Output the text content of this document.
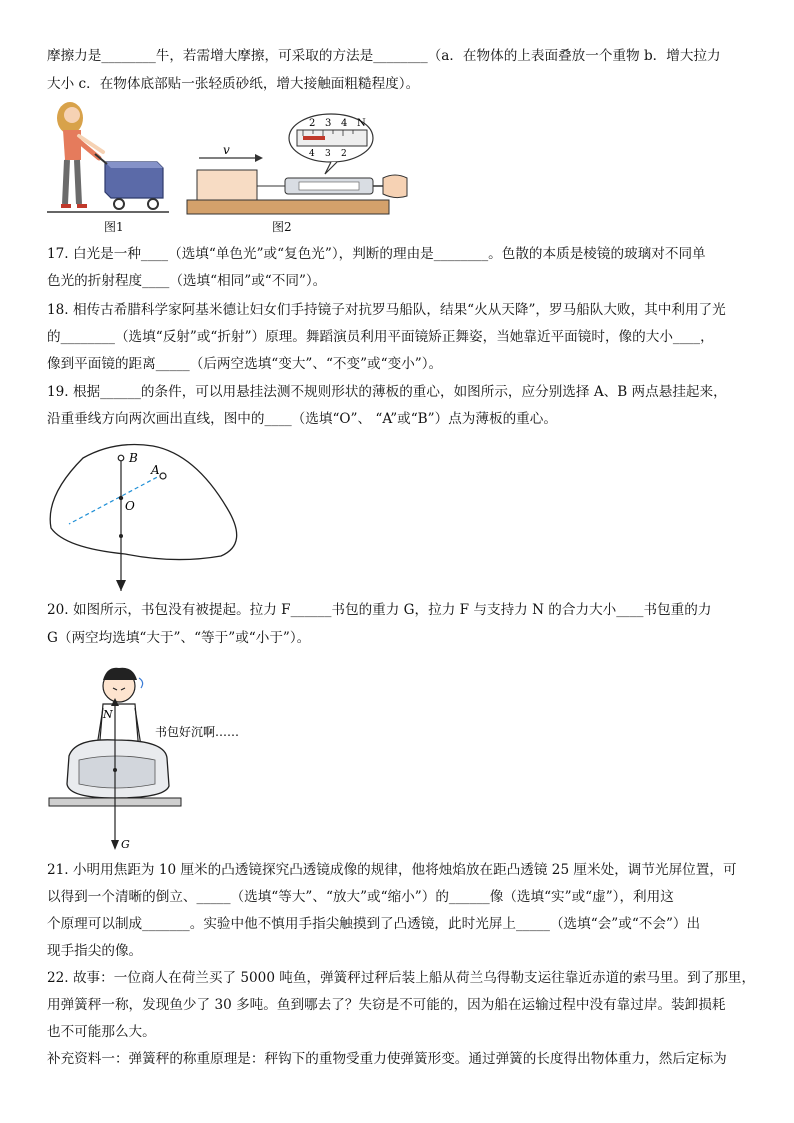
摩擦力是________牛，若需增大摩擦，可采取的方法是________（a．在物体的上表面叠放一个重物 b．增大拉力
大小 c．在物体底部贴一张轻质砂纸，增大接触面粗糙程度）。
图1
2 3 4 N
4 3 2
v
图2
17. 白光是一种____（选填“单色光”或“复色光”），判断的理由是________。色散的本质是棱镜的玻璃对不同单
色光的折射程度____（选填“相同”或“不同”）。
18. 相传古希腊科学家阿基米德让妇女们手持镜子对抗罗马船队，结果“火从天降”，罗马船队大败，其中利用了光
的________（选填“反射”或“折射”）原理。舞蹈演员利用平面镜矫正舞姿，当她靠近平面镜时，像的大小____，
像到平面镜的距离_____（后两空选填“变大”、“不变”或“变小”）。
19. 根据______的条件，可以用悬挂法测不规则形状的薄板的重心，如图所示，应分别选择 A、B 两点悬挂起来，
沿重垂线方向两次画出直线，图中的____（选填“O”、 “A”或“B”）点为薄板的重心。
B
A
O
20. 如图所示，书包没有被提起。拉力 F______书包的重力 G，拉力 F 与支持力 N 的合力大小____书包重的力
G（两空均选填“大于”、“等于”或“小于”）。
N
G
书包好沉啊……
21. 小明用焦距为 10 厘米的凸透镜探究凸透镜成像的规律，他将烛焰放在距凸透镜 25 厘米处，调节光屏位置，可
以得到一个清晰的倒立、_____（选填“等大”、“放大”或“缩小”）的______像（选填“实”或“虚”），利用这
个原理可以制成_______。实验中他不慎用手指尖触摸到了凸透镜，此时光屏上_____（选填“会”或“不会”）出
现手指尖的像。
22. 故事：一位商人在荷兰买了 5000 吨鱼，弹簧秤过秤后装上船从荷兰乌得勒支运往靠近赤道的索马里。到了那里，
用弹簧秤一称，发现鱼少了 30 多吨。鱼到哪去了？失窃是不可能的，因为船在运输过程中没有靠过岸。装卸损耗
也不可能那么大。
补充资料一：弹簧秤的称重原理是：秤钩下的重物受重力使弹簧形变。通过弹簧的长度得出物体重力，然后定标为
